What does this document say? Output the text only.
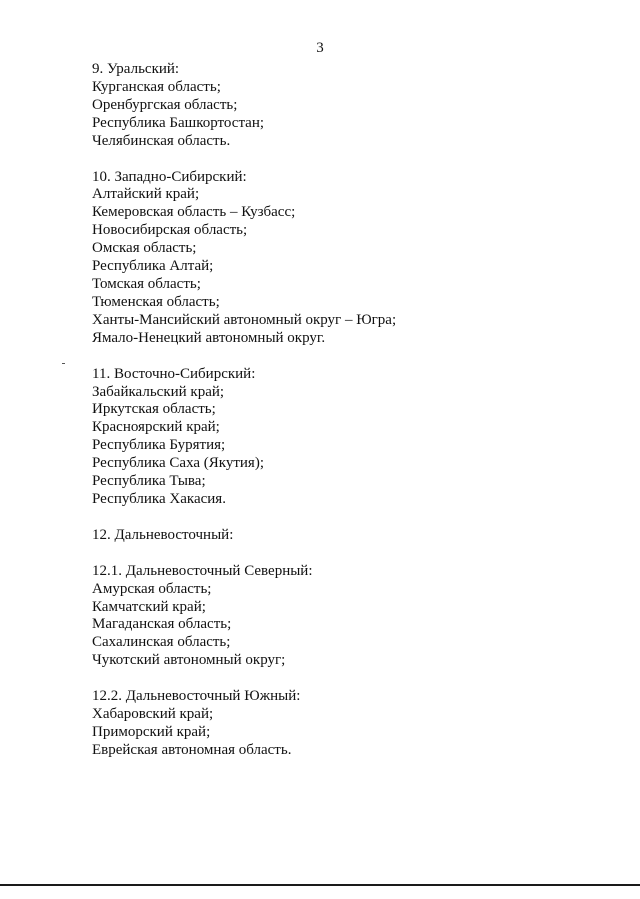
3
9. Уральский:
Курганская область;
Оренбургская область;
Республика Башкортостан;
Челябинская область.
10. Западно-Сибирский:
Алтайский край;
Кемеровская область – Кузбасс;
Новосибирская область;
Омская область;
Республика Алтай;
Томская область;
Тюменская область;
Ханты-Мансийский автономный округ – Югра;
Ямало-Ненецкий автономный округ.
11. Восточно-Сибирский:
Забайкальский край;
Иркутская область;
Красноярский край;
Республика Бурятия;
Республика Саха (Якутия);
Республика Тыва;
Республика Хакасия.
12. Дальневосточный:
12.1. Дальневосточный Северный:
Амурская область;
Камчатский край;
Магаданская область;
Сахалинская область;
Чукотский автономный округ;
12.2. Дальневосточный Южный:
Хабаровский край;
Приморский край;
Еврейская автономная область.
